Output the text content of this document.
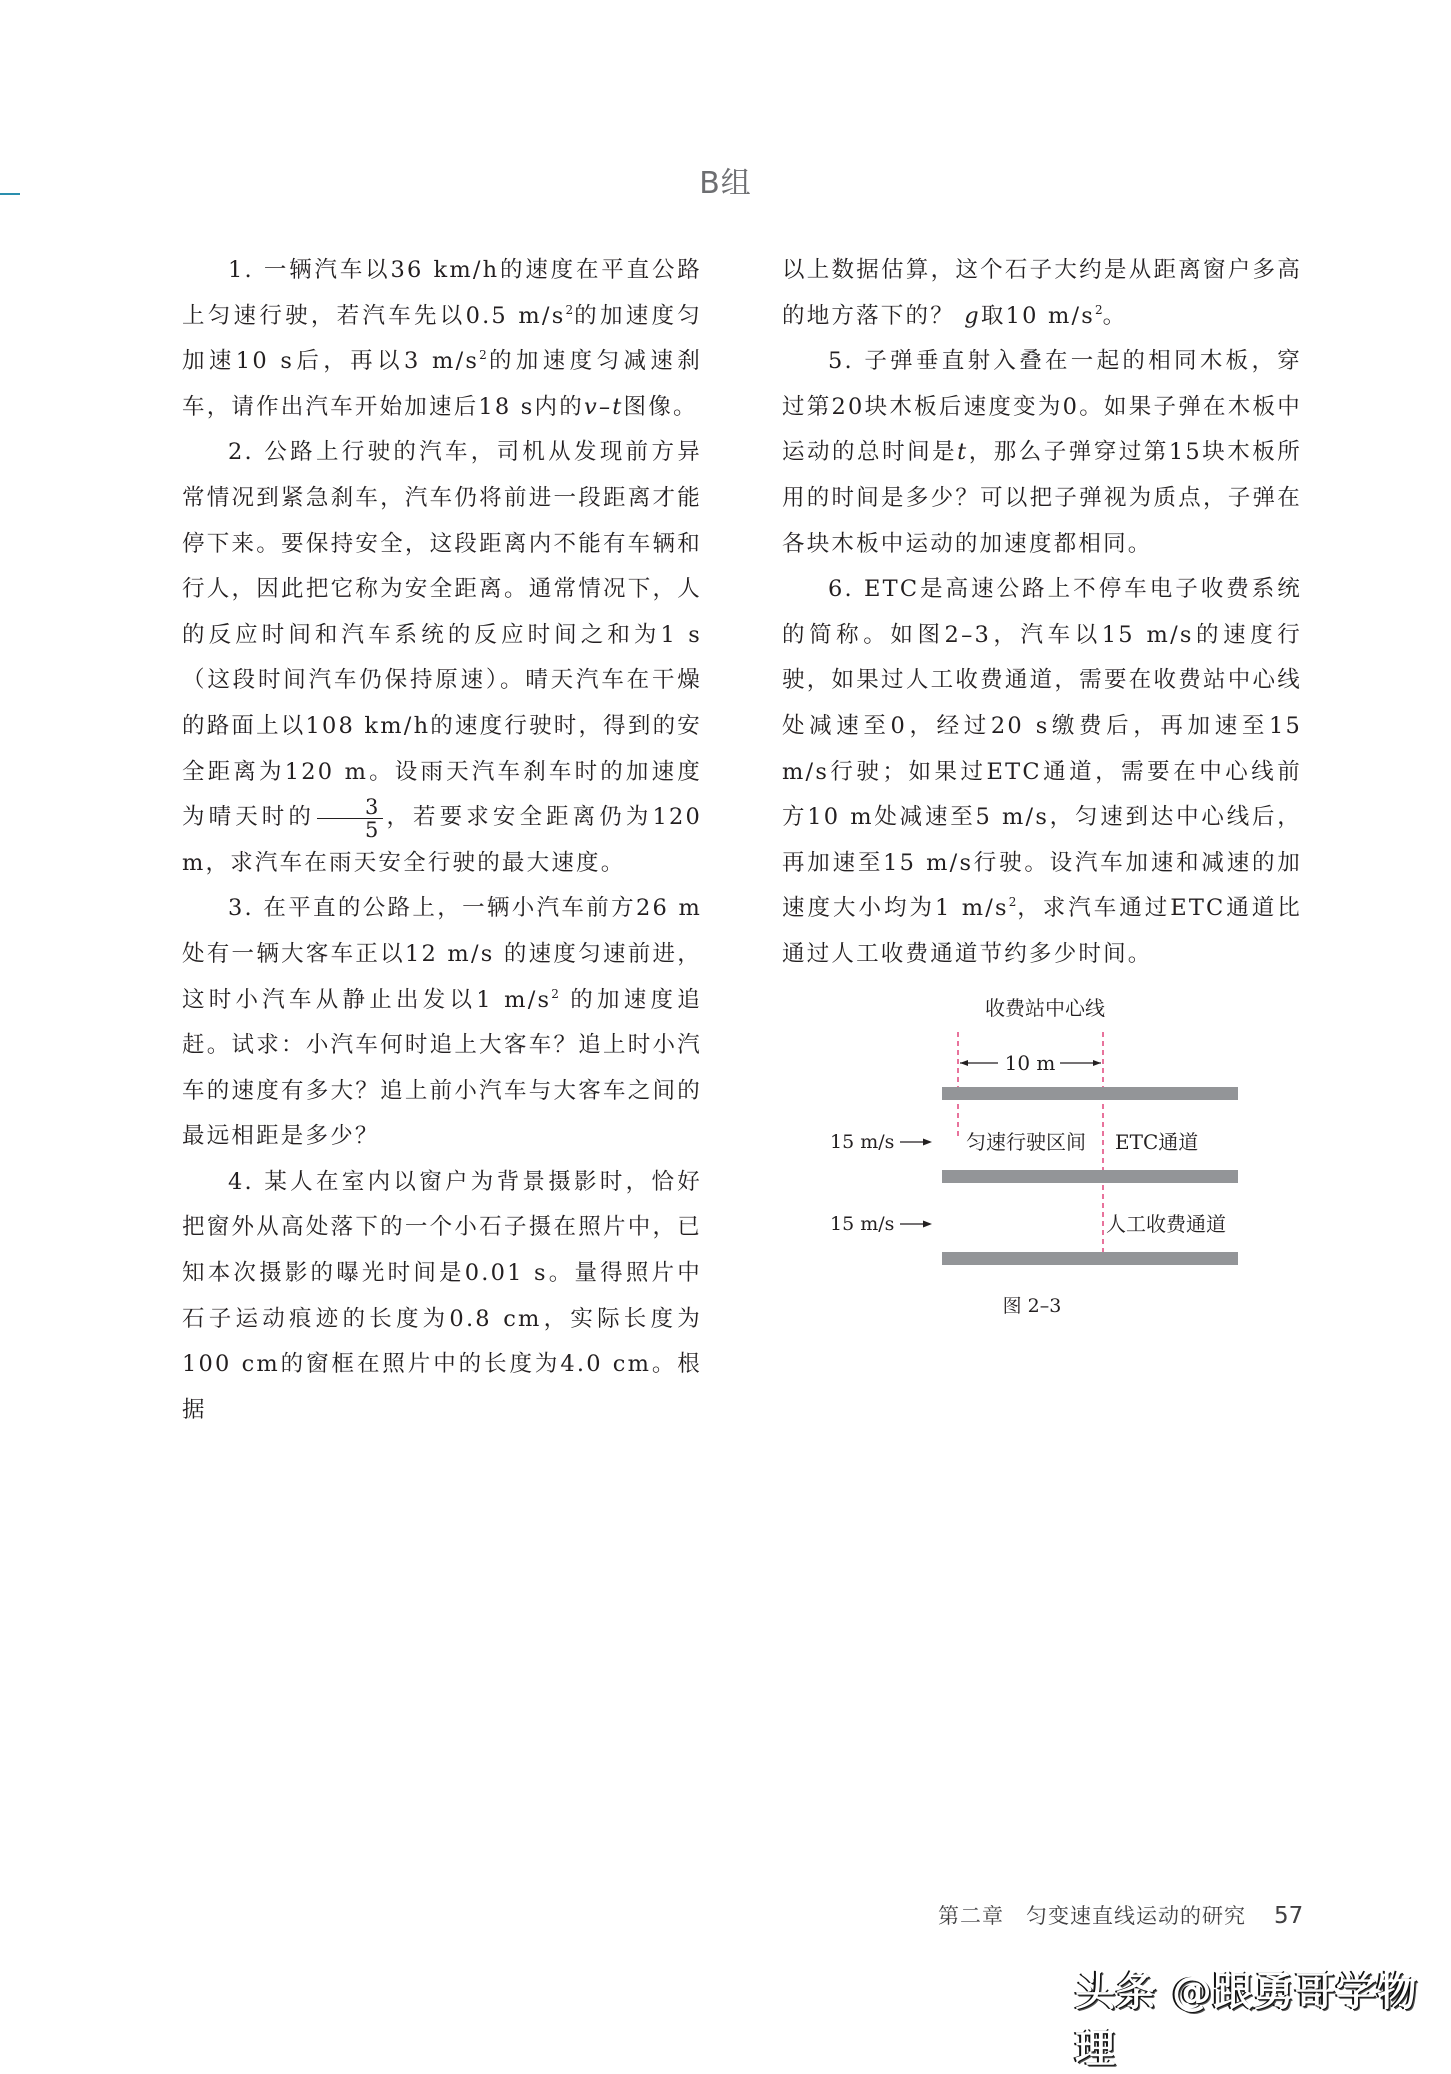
B组

1. 一辆汽车以36 km/h的速度在平直公路上匀速行驶，若汽车先以0.5 $m/s^2$的加速度匀加速10 s后，再以3 $m/s^2$的加速度匀减速刹车，请作出汽车开始加速后18 s内的v–t图像。

2. 公路上行驶的汽车，司机从发现前方异常情况到紧急刹车，汽车仍将前进一段距离才能停下来。要保持安全，这段距离内不能有车辆和行人，因此把它称为安全距离。通常情况下，人的反应时间和汽车系统的反应时间之和为1 s（这段时间汽车仍保持原速）。晴天汽车在干燥的路面上以108 km/h的速度行驶时，得到的安全距离为120 m。设雨天汽车刹车时的加速度为晴天时的 $\frac{3}{5}$ ，若要求安全距离仍为120 m，求汽车在雨天安全行驶的最大速度。

3. 在平直的公路上，一辆小汽车前方26 m处有一辆大客车正以12 m/s 的速度匀速前进，这时小汽车从静止出发以1 $m/s^2$ 的加速度追赶。试求：小汽车何时追上大客车？追上时小汽车的速度有多大？追上前小汽车与大客车之间的最远相距是多少？

4. 某人在室内以窗户为背景摄影时，恰好把窗外从高处落下的一个小石子摄在照片中，已知本次摄影的曝光时间是0.01 s。量得照片中石子运动痕迹的长度为0.8 cm，实际长度为100 cm的窗框在照片中的长度为4.0 cm。根据

以上数据估算，这个石子大约是从距离窗户多高的地方落下的？ g取10 $m/s^2$。

5. 子弹垂直射入叠在一起的相同木板，穿过第20块木板后速度变为0。如果子弹在木板中运动的总时间是t，那么子弹穿过第15块木板所用的时间是多少？可以把子弹视为质点，子弹在各块木板中运动的加速度都相同。

6. ETC是高速公路上不停车电子收费系统的简称。如图2–3，汽车以15 m/s的速度行驶，如果过人工收费通道，需要在收费站中心线处减速至0，经过20 s缴费后，再加速至15 m/s行驶；如果过ETC通道，需要在中心线前方10 m处减速至5 m/s，匀速到达中心线后，再加速至15 m/s行驶。设汽车加速和减速的加速度大小均为1 $m/s^2$，求汽车通过ETC通道比通过人工收费通道节约多少时间。

收费站中心线
10 m
15 m/s	匀速行驶区间 ETC通道
15 m/s	人工收费通道
图 2–3
第二章　匀变速直线运动的研究 57
头条 @跟勇哥学物理
